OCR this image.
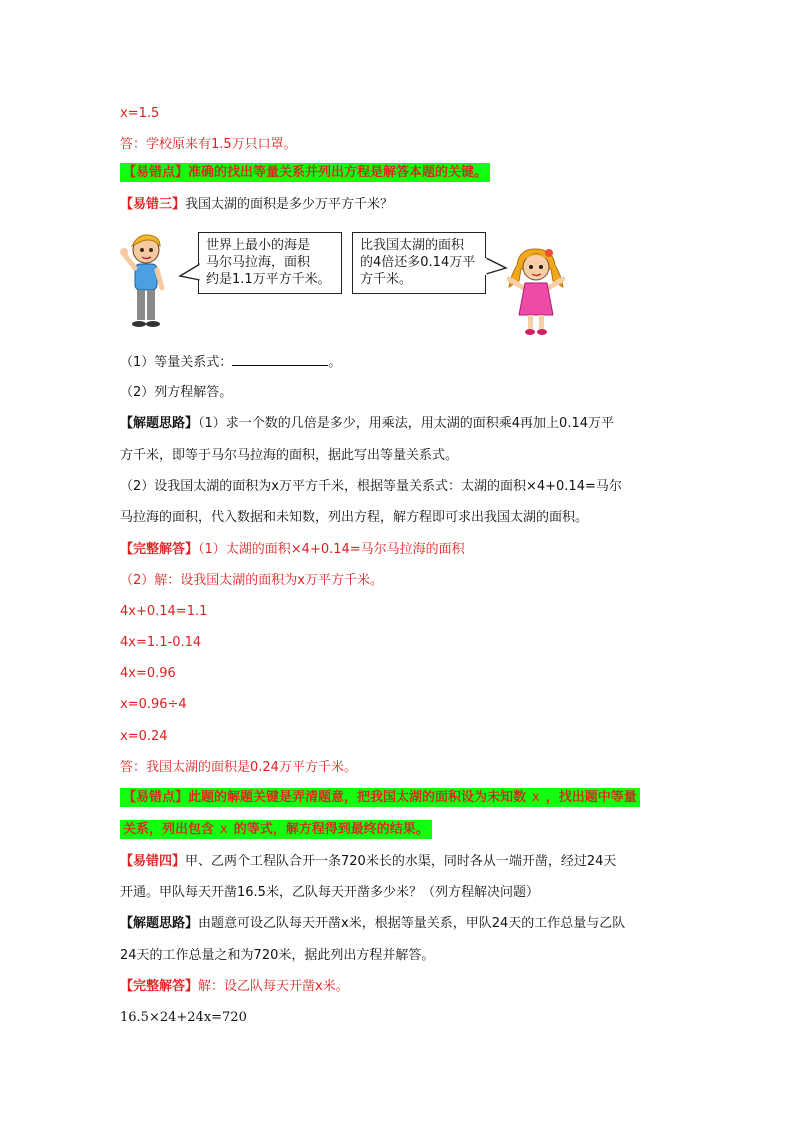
x=1.5
答：学校原来有1.5万只口罩。
【易错点】准确的找出等量关系并列出方程是解答本题的关键。
【易错三】我国太湖的面积是多少万平方千米？
世界上最小的海是
马尔马拉海，面积
约是1.1万平方千米。
比我国太湖的面积
的4倍还多0.14万平
方千米。
（1）等量关系式：	。
（2）列方程解答。
【解题思路】（1）求一个数的几倍是多少，用乘法，用太湖的面积乘4再加上0.14万平
方千米，即等于马尔马拉海的面积，据此写出等量关系式。
（2）设我国太湖的面积为x万平方千米，根据等量关系式：太湖的面积×4+0.14=马尔
马拉海的面积，代入数据和未知数，列出方程，解方程即可求出我国太湖的面积。
【完整解答】（1）太湖的面积×4+0.14=马尔马拉海的面积
（2）解：设我国太湖的面积为x万平方千米。
4x+0.14=1.1
4x=1.1-0.14
4x=0.96
x=0.96÷4
x=0.24
答：我国太湖的面积是0.24万平方千米。
【易错点】此题的解题关键是弄清题意，把我国太湖的面积设为未知数 x ，找出题中等量
关系，列出包含 x 的等式，解方程得到最终的结果。
【易错四】甲、乙两个工程队合开一条720米长的水渠，同时各从一端开凿，经过24天
开通。甲队每天开凿16.5米，乙队每天开凿多少米？（列方程解决问题）
【解题思路】由题意可设乙队每天开凿x米，根据等量关系，甲队24天的工作总量与乙队
24天的工作总量之和为720米，据此列出方程并解答。
【完整解答】解：设乙队每天开凿x米。
16.5×24+24x=720
